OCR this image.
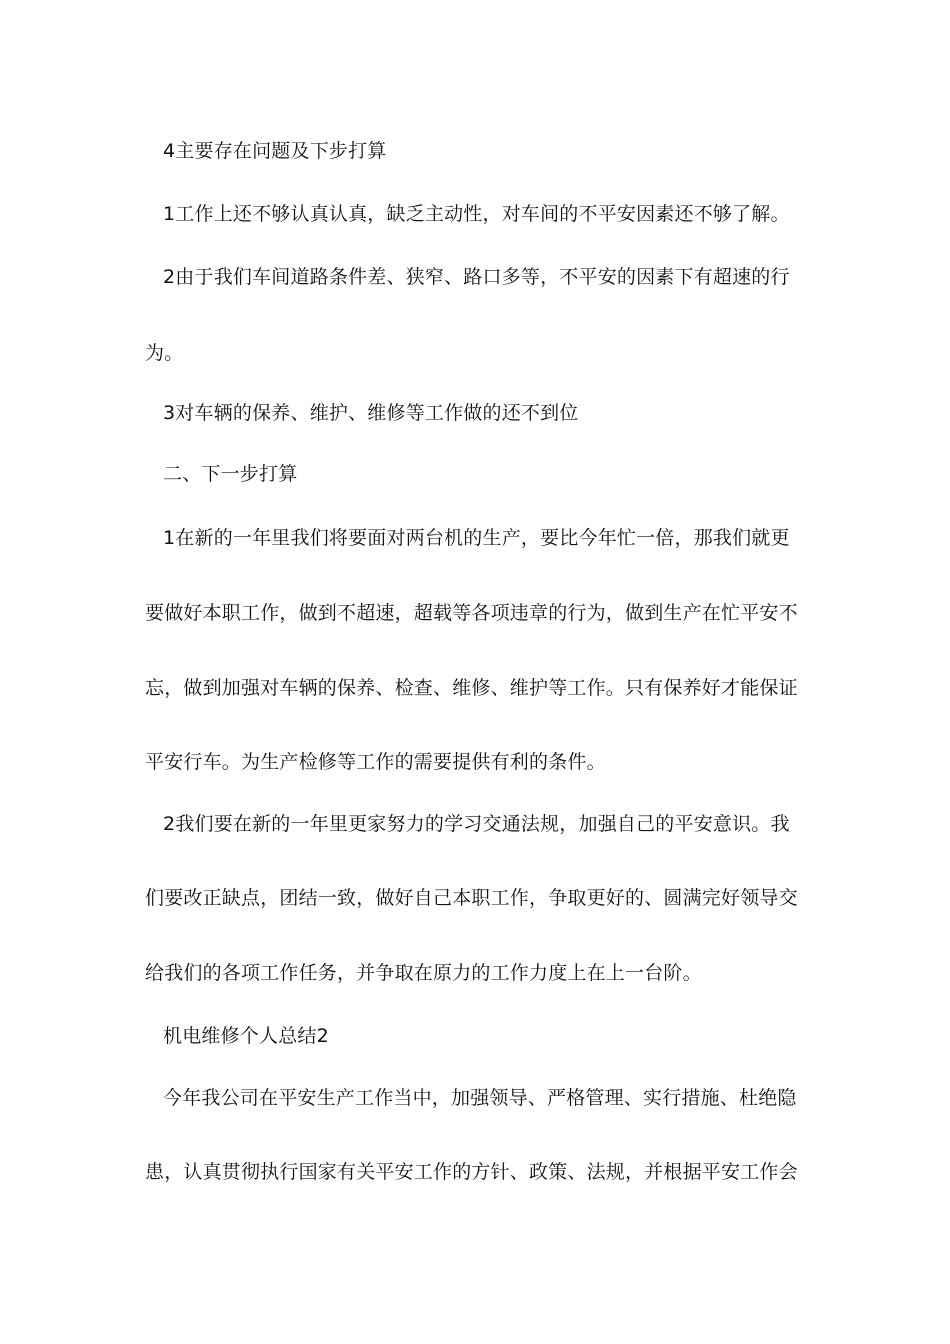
4主要存在问题及下步打算
1工作上还不够认真认真，缺乏主动性，对车间的不平安因素还不够了解。
2由于我们车间道路条件差、狭窄、路口多等，不平安的因素下有超速的行
为。
3对车辆的保养、维护、维修等工作做的还不到位
二、下一步打算
1在新的一年里我们将要面对两台机的生产，要比今年忙一倍，那我们就更
要做好本职工作，做到不超速，超载等各项违章的行为，做到生产在忙平安不
忘，做到加强对车辆的保养、检查、维修、维护等工作。只有保养好才能保证
平安行车。为生产检修等工作的需要提供有利的条件。
2我们要在新的一年里更家努力的学习交通法规，加强自己的平安意识。我
们要改正缺点，团结一致，做好自己本职工作，争取更好的、圆满完好领导交
给我们的各项工作任务，并争取在原力的工作力度上在上一台阶。
机电维修个人总结2
今年我公司在平安生产工作当中，加强领导、严格管理、实行措施、杜绝隐
患，认真贯彻执行国家有关平安工作的方针、政策、法规，并根据平安工作会
